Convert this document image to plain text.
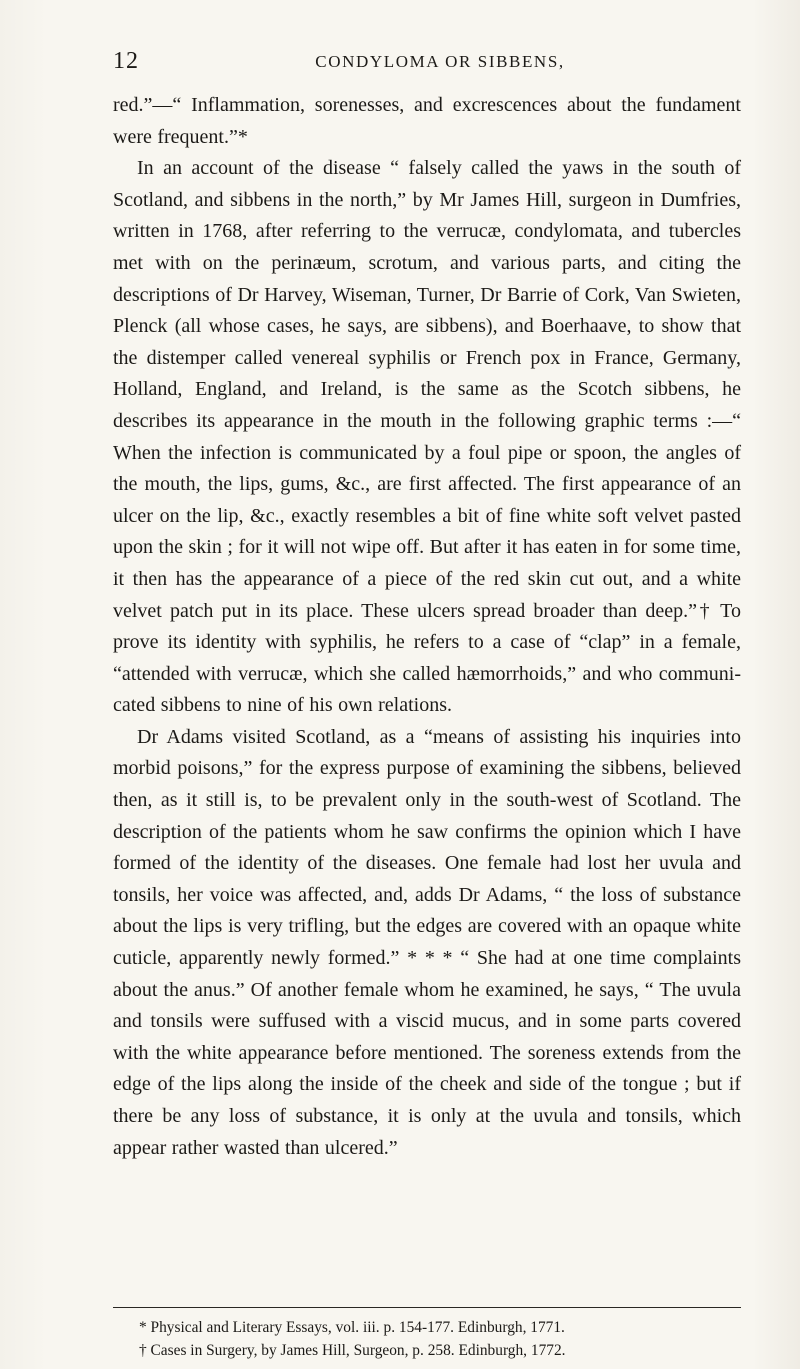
12	CONDYLOMA OR SIBBENS,

red.”—“ Inflammation, sorenesses, and excrescences about the fundament were frequent.”*

In an account of the disease “ falsely called the yaws in the south of Scotland, and sibbens in the north,” by Mr James Hill, surgeon in Dumfries, written in 1768, after referring to the verrucæ, condylomata, and tubercles met with on the perinæum, scrotum, and various parts, and citing the descriptions of Dr Harvey, Wiseman, Turner, Dr Barrie of Cork, Van Swieten, Plenck (all whose cases, he says, are sibbens), and Boerhaave, to show that the distemper called venereal syphilis or French pox in France, Germany, Holland, England, and Ireland, is the same as the Scotch sibbens, he describes its appearance in the mouth in the following graphic terms :—“ When the infection is communicated by a foul pipe or spoon, the angles of the mouth, the lips, gums, &c., are first affected. The first appearance of an ulcer on the lip, &c., exactly resembles a bit of fine white soft velvet pasted upon the skin ; for it will not wipe off. But after it has eaten in for some time, it then has the appearance of a piece of the red skin cut out, and a white velvet patch put in its place. These ulcers spread broader than deep.”† To prove its identity with syphilis, he refers to a case of “clap” in a female, “attended with verrucæ, which she called hæmorrhoids,” and who communi-cated sibbens to nine of his own relations.

Dr Adams visited Scotland, as a “means of assisting his inquiries into morbid poisons,” for the express purpose of examining the sibbens, believed then, as it still is, to be prevalent only in the south-west of Scotland. The description of the patients whom he saw confirms the opinion which I have formed of the identity of the diseases. One female had lost her uvula and tonsils, her voice was affected, and, adds Dr Adams, “ the loss of substance about the lips is very trifling, but the edges are covered with an opaque white cuticle, apparently newly formed.” * * * “ She had at one time complaints about the anus.” Of another female whom he examined, he says, “ The uvula and tonsils were suffused with a viscid mucus, and in some parts covered with the white appearance before mentioned. The soreness extends from the edge of the lips along the inside of the cheek and side of the tongue ; but if there be any loss of substance, it is only at the uvula and tonsils, which appear rather wasted than ulcered.”

* Physical and Literary Essays, vol. iii. p. 154-177. Edinburgh, 1771.

† Cases in Surgery, by James Hill, Surgeon, p. 258. Edinburgh, 1772.
